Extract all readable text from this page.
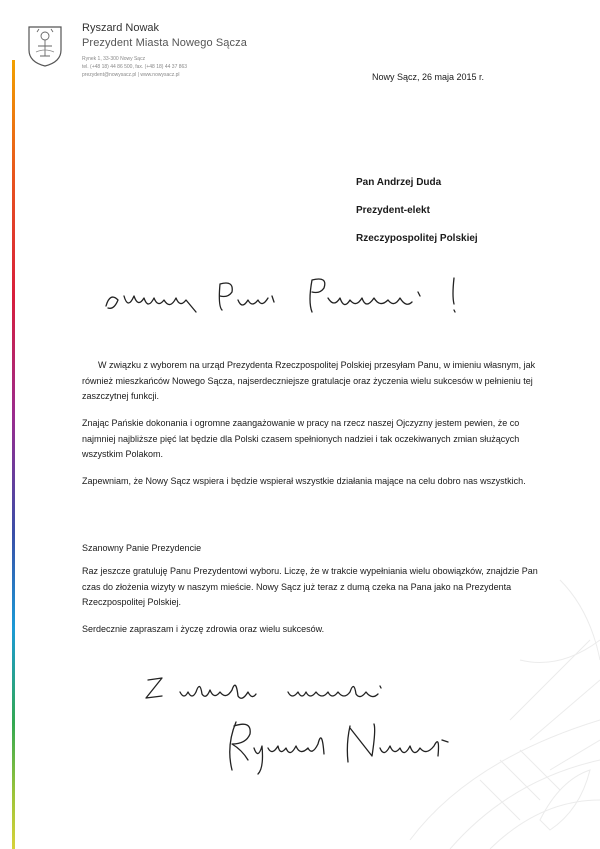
Ryszard Nowak
Prezydent Miasta Nowego Sącza
Rynek 1, 33-300 Nowy Sącz
tel. (+48 18) 44 86 500, fax. (+48 18) 44 37 863
prezydent@nowysacz.pl | www.nowysacz.pl	Nowy Sącz, 26 maja 2015 r.
Pan Andrzej Duda
Prezydent-elekt
Rzeczypospolitej Polskiej

W związku z wyborem na urząd Prezydenta Rzeczpospolitej Polskiej przesyłam Panu, w imieniu własnym, jak również mieszkańców Nowego Sącza, najserdeczniejsze gratulacje oraz życzenia wielu sukcesów w pełnieniu tej zaszczytnej funkcji.

Znając Pańskie dokonania i ogromne zaangażowanie w pracy na rzecz naszej Ojczyzny jestem pewien, że co najmniej najbliższe pięć lat będzie dla Polski czasem spełnionych nadziei i tak oczekiwanych zmian służących wszystkim Polakom.

Zapewniam, że Nowy Sącz wspiera i będzie wspierał wszystkie działania mające na celu dobro nas wszystkich.

Szanowny Panie Prezydencie

Raz jeszcze gratuluję Panu Prezydentowi wyboru. Liczę, że w trakcie wypełniania wielu obowiązków, znajdzie Pan czas do złożenia wizyty w naszym mieście. Nowy Sącz już teraz z dumą czeka na Pana jako na Prezydenta Rzeczpospolitej Polskiej.

Serdecznie zapraszam i życzę zdrowia oraz wielu sukcesów.
